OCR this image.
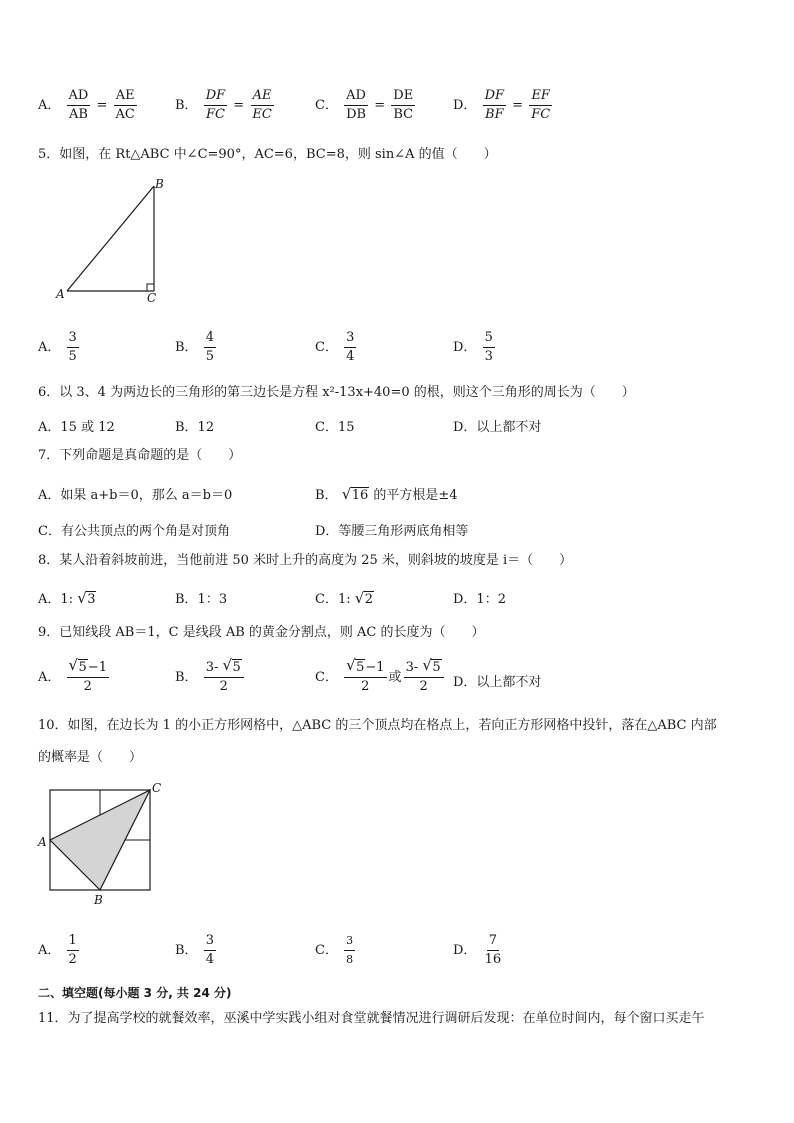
A． $\frac{AD}{AB} = \frac{AE}{AC}$	B． $\frac{DF}{FC} = \frac{AE}{EC}$	C． $\frac{AD}{DB} = \frac{DE}{BC}$	D． $\frac{DF}{BF} = \frac{EF}{FC}$
5．如图，在 Rt△ABC 中∠C=90°，AC=6，BC=8，则 sin∠A 的值（　　）
B
A	C
A． $\frac{3}{5}$	B． $\frac{4}{5}$	C． $\frac{3}{4}$	D． $\frac{5}{3}$
6．以 3、4 为两边长的三角形的第三边长是方程 x²-13x+40=0 的根，则这个三角形的周长为（　　）
A．15 或 12	B．12	C．15	D．以上都不对
7．下列命题是真命题的是（　　）
A．如果 a+b＝0，那么 a＝b＝0	B． √ 16 的平方根是±4
C．有公共顶点的两个角是对顶角	D．等腰三角形两底角相等
8．某人沿着斜坡前进，当他前进 50 米时上升的高度为 25 米，则斜坡的坡度是 i＝（　　）
A．1: √ 3	B．1：3	C．1: √ 2	D．1：2
9．已知线段 AB＝1，C 是线段 AB 的黄金分割点，则 AC 的长度为（　　）
A． $\frac{√ 5-1}{2}$	B． $\frac{3- √ 5}{2}$	C． $\frac{√ 5-1}{2}$ 或 $\frac{3- √ 5}{2}$ D．以上都不对
10．如图，在边长为 1 的小正方形网格中，△ABC 的三个顶点均在格点上，若向正方形网格中投针，落在△ABC 内部
的概率是（　　）
C
A
B
A． $\frac{1}{2}$	B． $\frac{3}{4}$	C． $\frac{3}{8}$	D． $\frac{7}{16}$
二、填空题(每小题 3 分, 共 24 分)
11．为了提高学校的就餐效率，巫溪中学实践小组对食堂就餐情况进行调研后发现：在单位时间内，每个窗口买走午
